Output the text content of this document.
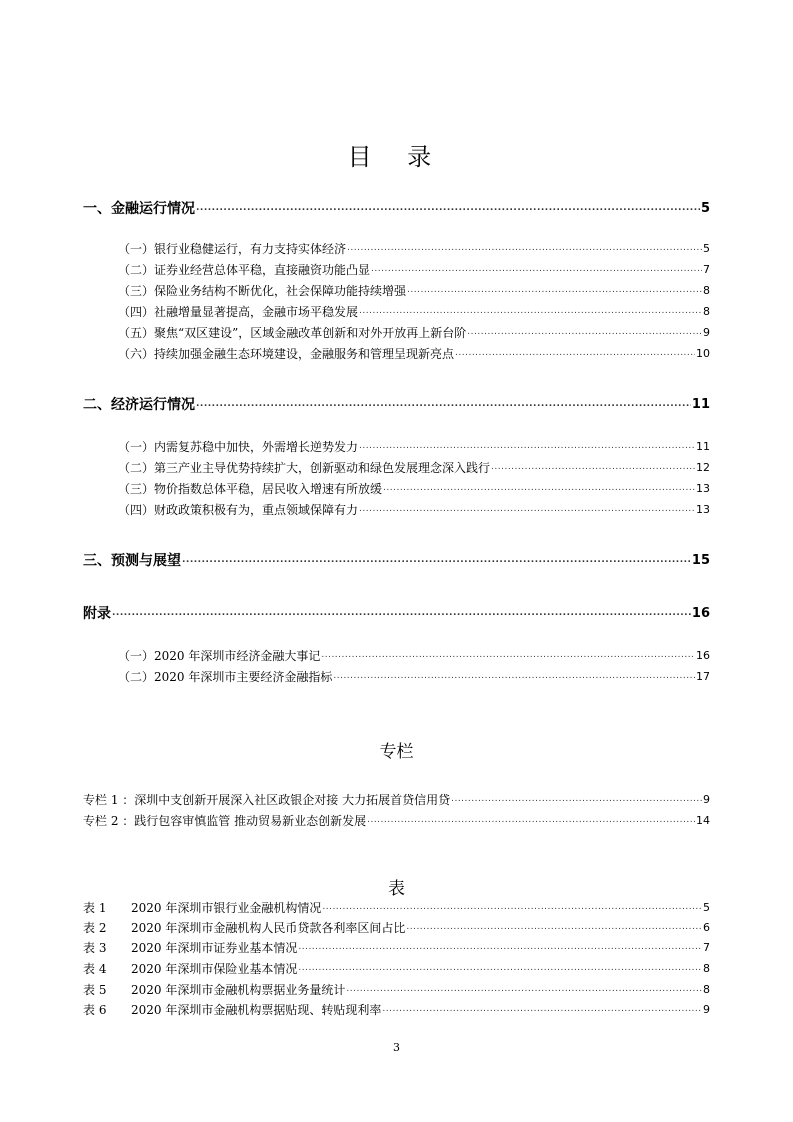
目 录
一、金融运行情况 .....	5
（一）银行业稳健运行，有力支持实体经济 .....	5
（二）证券业经营总体平稳，直接融资功能凸显 .....	7
（三）保险业务结构不断优化，社会保障功能持续增强 .....	8
（四）社融增量显著提高，金融市场平稳发展 .....	8
（五）聚焦“双区建设”，区域金融改革创新和对外开放再上新台阶 .....	9
（六）持续加强金融生态环境建设，金融服务和管理呈现新亮点 .....	10
二、经济运行情况 .....	11
（一）内需复苏稳中加快，外需增长逆势发力 .....	11
（二）第三产业主导优势持续扩大，创新驱动和绿色发展理念深入践行 .....	12
（三）物价指数总体平稳，居民收入增速有所放缓 .....	13
（四）财政政策积极有为，重点领域保障有力 .....	13
三、预测与展望 .....	15
附录 .....	16
（一）2020 年深圳市经济金融大事记 .....	16
（二）2020 年深圳市主要经济金融指标 .....	17
专栏
专栏 1 ：深圳中支创新开展深入社区政银企对接 大力拓展首贷信用贷 .....	9
专栏 2 ：践行包容审慎监管 推动贸易新业态创新发展 .....	14
表
表 1	2020 年深圳市银行业金融机构情况 .....	5
表 2	2020 年深圳市金融机构人民币贷款各利率区间占比 .....	6
表 3	2020 年深圳市证券业基本情况 .....	7
表 4	2020 年深圳市保险业基本情况 .....	8
表 5	2020 年深圳市金融机构票据业务量统计 .....	8
表 6	2020 年深圳市金融机构票据贴现、转贴现利率 .....	9
3
